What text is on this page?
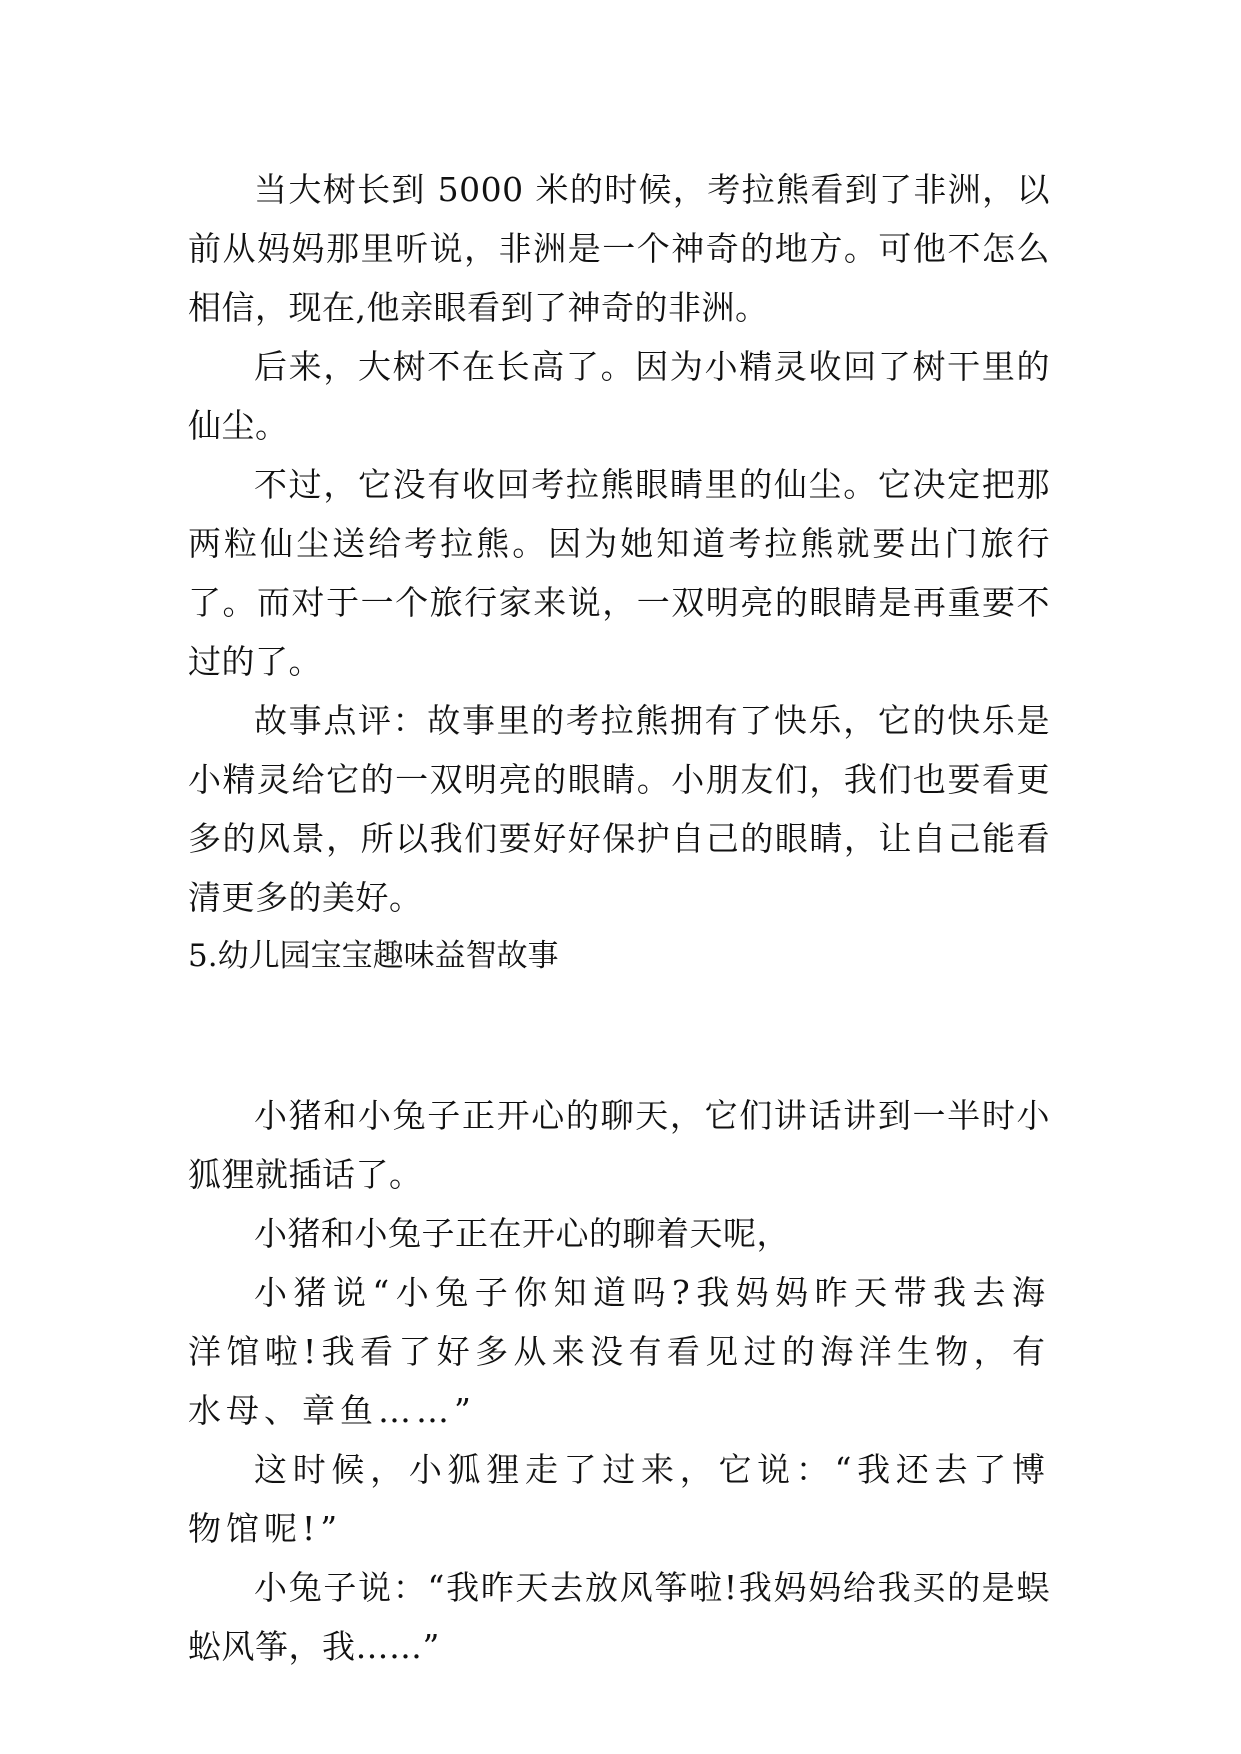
当大树长到 5000 米的时候，考拉熊看到了非洲，以前从妈妈那里听说，非洲是一个神奇的地方。可他不怎么相信，现在,他亲眼看到了神奇的非洲。

后来，大树不在长高了。因为小精灵收回了树干里的仙尘。

不过，它没有收回考拉熊眼睛里的仙尘。它决定把那两粒仙尘送给考拉熊。因为她知道考拉熊就要出门旅行了。而对于一个旅行家来说，一双明亮的眼睛是再重要不过的了。

故事点评：故事里的考拉熊拥有了快乐，它的快乐是小精灵给它的一双明亮的眼睛。小朋友们，我们也要看更多的风景，所以我们要好好保护自己的眼睛，让自己能看清更多的美好。

5.幼儿园宝宝趣味益智故事

小猪和小兔子正开心的聊天，它们讲话讲到一半时小狐狸就插话了。

小猪和小兔子正在开心的聊着天呢，

小猪说“小兔子你知道吗?我妈妈昨天带我去海洋馆啦!我看了好多从来没有看见过的海洋生物，有水母、章鱼……”

这时候，小狐狸走了过来，它说：“我还去了博物馆呢!”

小兔子说：“我昨天去放风筝啦!我妈妈给我买的是蜈蚣风筝，我……”
